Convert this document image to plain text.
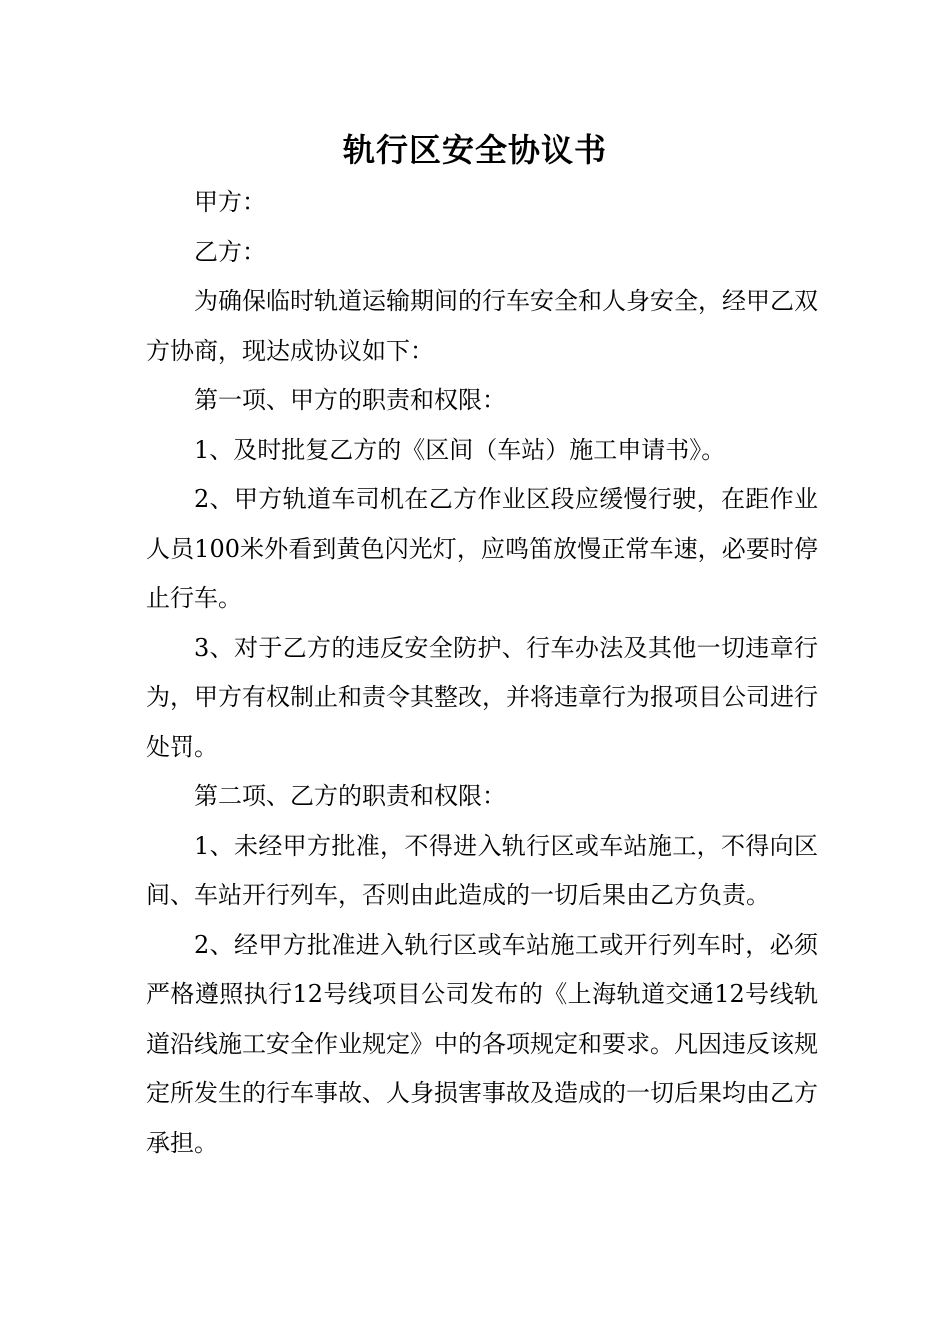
轨行区安全协议书

甲方：

乙方：

为确保临时轨道运输期间的行车安全和人身安全，经甲乙双方协商，现达成协议如下：

第一项、甲方的职责和权限：

1、及时批复乙方的《区间（车站）施工申请书》。

2、甲方轨道车司机在乙方作业区段应缓慢行驶，在距作业人员100米外看到黄色闪光灯，应鸣笛放慢正常车速，必要时停止行车。

3、对于乙方的违反安全防护、行车办法及其他一切违章行为，甲方有权制止和责令其整改，并将违章行为报项目公司进行处罚。

第二项、乙方的职责和权限：

1、未经甲方批准，不得进入轨行区或车站施工，不得向区间、车站开行列车，否则由此造成的一切后果由乙方负责。

2、经甲方批准进入轨行区或车站施工或开行列车时，必须严格遵照执行12号线项目公司发布的《上海轨道交通12号线轨道沿线施工安全作业规定》中的各项规定和要求。凡因违反该规定所发生的行车事故、人身损害事故及造成的一切后果均由乙方承担。
